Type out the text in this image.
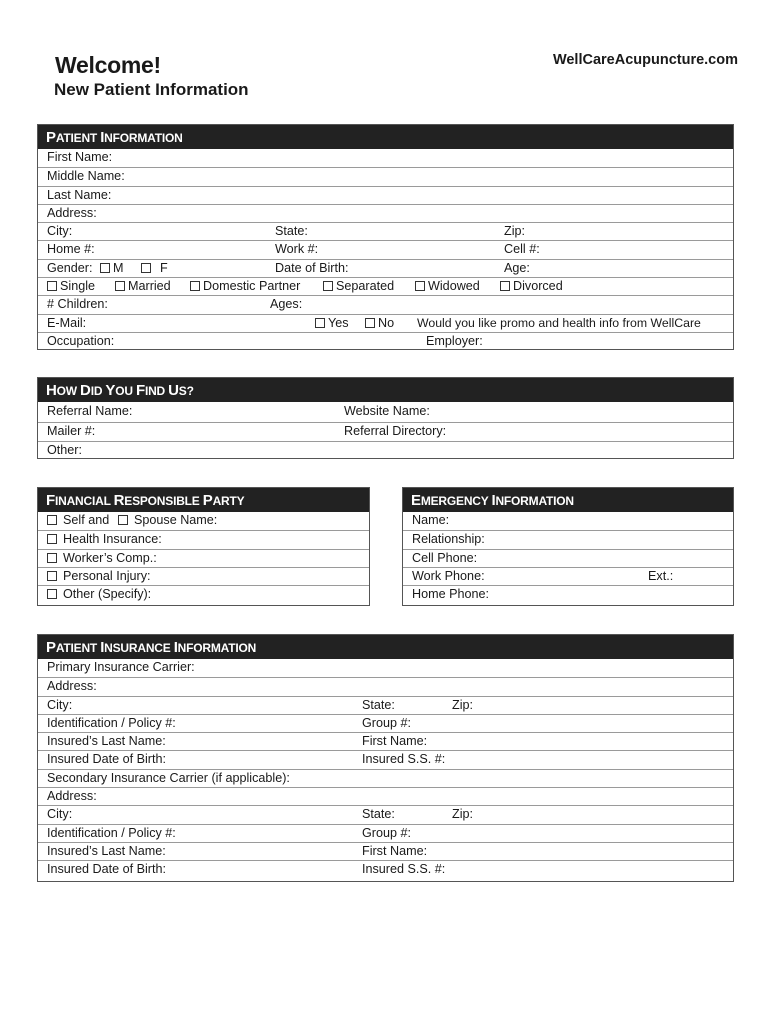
Welcome!
New Patient Information
WellCareAcupuncture.com
PATIENT INFORMATION
First Name:
Middle Name:
Last Name:
Address:
City:	State:	Zip:
Home #:	Work #:	Cell #:
Gender:	M	F	Date of Birth:	Age:
Single	Married	Domestic Partner	Separated	Widowed	Divorced
# Children:	Ages:
E-Mail:	Yes	No Would you like promo and health info from WellCare
Occupation:	Employer:
HOW DID YOU FIND US?
Referral Name:	Website Name:
Mailer #:	Referral Directory:
Other:
FINANCIAL RESPONSIBLE PARTY
Self and	Spouse Name:
Health Insurance:
Worker’s Comp.:
Personal Injury:
Other (Specify):
EMERGENCY INFORMATION
Name:
Relationship:
Cell Phone:
Work Phone:	Ext.:
Home Phone:
PATIENT INSURANCE INFORMATION
Primary Insurance Carrier:
Address:
City:	State:	Zip:
Identification / Policy #:	Group #:
Insured’s Last Name:	First Name:
Insured Date of Birth:	Insured S.S. #:
Secondary Insurance Carrier (if applicable):
Address:
City:	State:	Zip:
Identification / Policy #:	Group #:
Insured’s Last Name:	First Name:
Insured Date of Birth:	Insured S.S. #:
